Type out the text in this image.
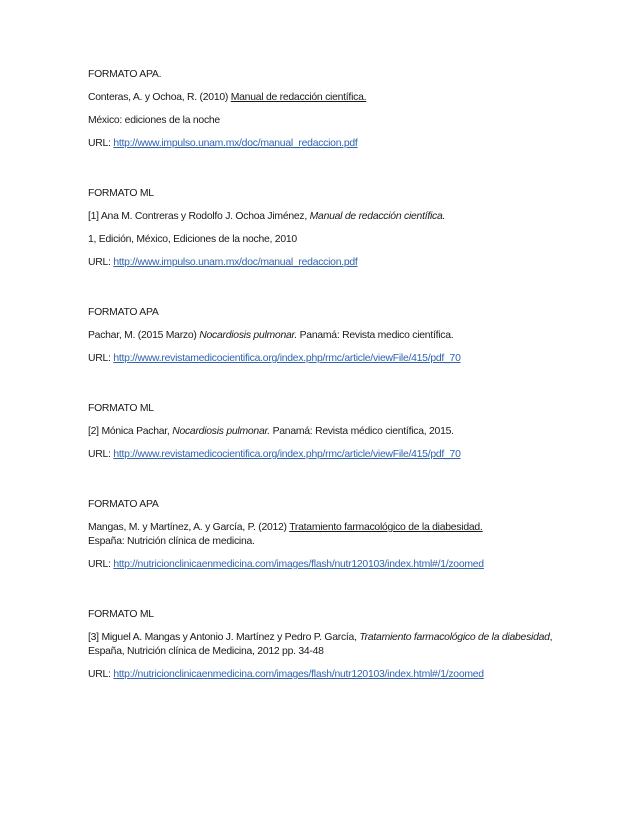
FORMATO APA.

Conteras, A. y Ochoa, R. (2010) Manual de redacción científica.

México: ediciones de la noche

URL: http://www.impulso.unam.mx/doc/manual_redaccion.pdf

FORMATO ML

[1] Ana M. Contreras y Rodolfo J. Ochoa Jiménez, Manual de redacción científica.

1, Edición, México, Ediciones de la noche, 2010

URL: http://www.impulso.unam.mx/doc/manual_redaccion.pdf

FORMATO APA

Pachar, M. (2015 Marzo) Nocardiosis pulmonar. Panamá: Revista medico científica.

URL: http://www.revistamedicocientifica.org/index.php/rmc/article/viewFile/415/pdf_70

FORMATO ML

[2] Mónica Pachar, Nocardiosis pulmonar. Panamá: Revista médico científica, 2015.

URL: http://www.revistamedicocientifica.org/index.php/rmc/article/viewFile/415/pdf_70

FORMATO APA

Mangas, M. y Martínez, A. y García, P. (2012) Tratamiento farmacológico de la diabesidad.

España: Nutrición clínica de medicina.

URL: http://nutricionclinicaenmedicina.com/images/flash/nutr120103/index.html#/1/zoomed

FORMATO ML

[3] Miguel A. Mangas y Antonio J. Martínez y Pedro P. García, Tratamiento farmacológico de la diabesidad, España, Nutrición clínica de Medicina, 2012 pp. 34-48

URL: http://nutricionclinicaenmedicina.com/images/flash/nutr120103/index.html#/1/zoomed
